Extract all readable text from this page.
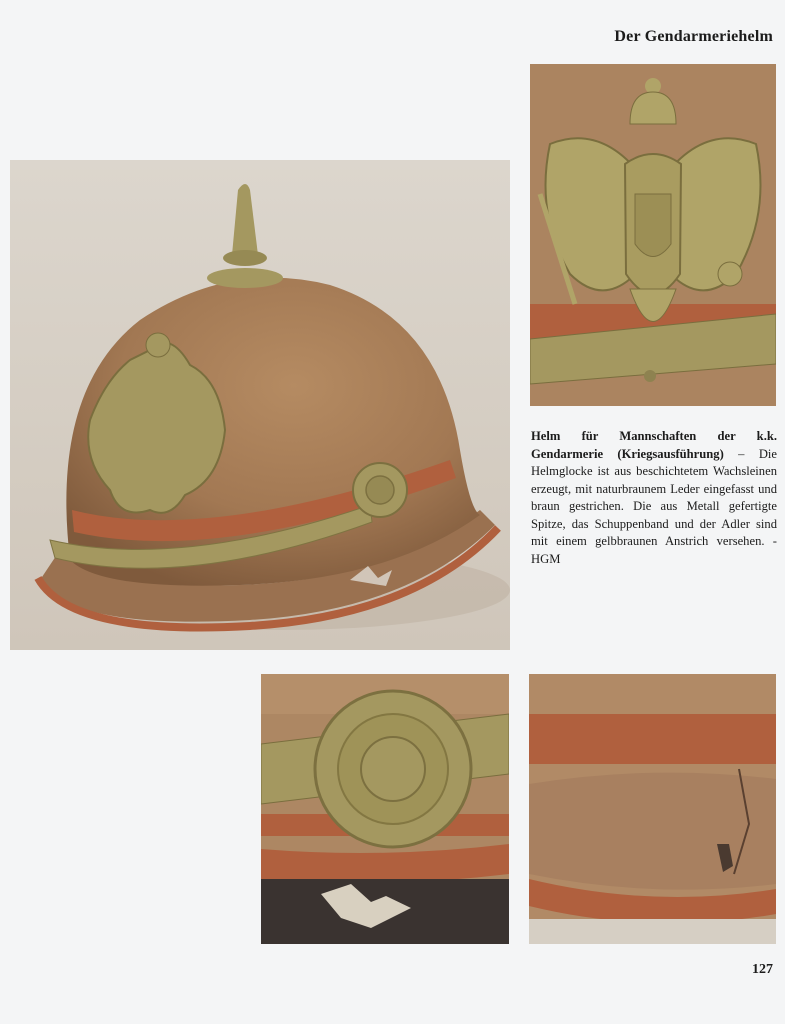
Der Gendarmeriehelm
Helm für Mannschaften der k.k. Gendarmerie (Kriegsausführung) – Die Helmglocke ist aus beschichtetem Wachsleinen erzeugt, mit naturbraunem Leder eingefasst und braun gestrichen. Die aus Metall gefertigte Spitze, das Schuppenband und der Adler sind mit einem gelbbraunen Anstrich versehen. - HGM
127
